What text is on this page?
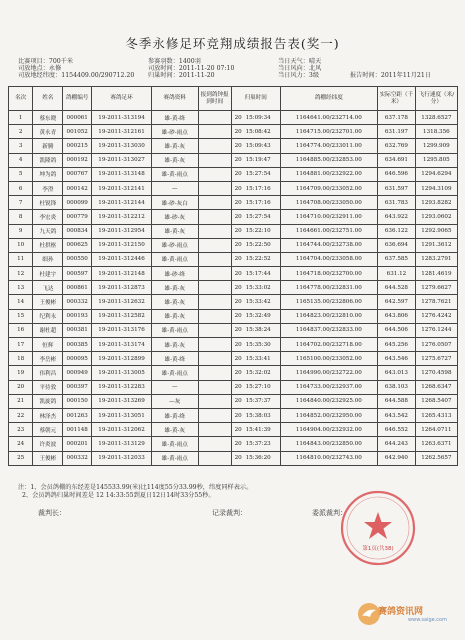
冬季永修足环竞翔成绩报告表(奖一)
比赛项目：700千米
司放地点：永修
司放地经纬度：1154409.00/290712.20
参赛羽数：1400羽
司放时间：2011-11-20 07:10
归巢时间：2011-11-20
当日天气：晴天
当日风向：北风
当日风力：3级	报告时间：2011年11月21日
名次	姓名	鸽棚编号	赛鸽足环	赛鸽资料	报到鸽钟报到时间	归巢时间		鸽棚经纬度	实际空距（千米）	飞行速度（米/分）
1	蔡东晓	000061	19-2011-313194	雄-黄-绛		20	15:09:34	1164641.00/232714.00	637.178	1328.6527
2	黄永青	001052	19-2011-312161	雄-砂-雨点		20	15:08:42	1164715.00/232701.00	631.197	1318.356
3	新腾	000215	19-2011-313030	雄-黄-灰		20	15:09:43	1164774.00/233011.00	632.769	1299.909
4	凯隆鸽	000192	19-2011-313027	雄-黄-灰		20	15:19:47	1164885.00/232853.00	634.691	1295.805
5	坤为鸽	000767	19-2011-313148	雄-黄-雨点		20	15:27:54	1164881.00/232922.00	646.596	1294.6294
6	李澄	000142	19-2011-312141	—		20	15:17:16	1164709.00/233052.00	631.597	1294.3109
7	杜锐锋	000099	19-2011-312144	雄-砂-灰白		20	15:17:16	1164708.00/233050.00	631.783	1293.8282
8	李宏炎	000779	19-2011-312212	雄-砂-灰		20	15:27:54	1164710.00/232911.00	643.922	1293.0602
9	九天鸽	000834	19-2011-312954	雄-黄-灰		20	15:22:10	1164661.00/232751.00	636.122	1292.9065
10	杜拱枢	000625	19-2011-312150	雄-砂-雨点		20	15:22:50	1164744.00/232738.00	636.694	1291.3612
11	细孙	000550	19-2011-312446	雄-黄-雨点		20	15:22:52	1164704.00/233058.00	637.585	1283.2791
12	杜建宇	000597	19-2011-312148	雄-砂-绛		20	15:17:44	1164718.00/232700.00	631.12	1281.4619
13	飞达	000861	19-2011-312873	雄-黄-灰		20	15:33:02	1164778.00/232831.00	644.528	1279.6627
14	王俊彬	000332	19-2011-312632	雄-黄-灰		20	15:33:42	1165135.00/232806.00	642.597	1278.7621
15	纪利永	000193	19-2011-312582	雄-黄-灰		20	15:32:49	1164823.00/232810.00	643.806	1276.4242
16	谢杜超	000381	19-2011-313176	雄-黄-雨点		20	15:38:24	1164837.00/232833.00	644.506	1276.1244
17	恒辉	000385	19-2011-313174	雄-黄-灰		20	15:35:30	1164702.00/232718.00	645.256	1276.0507
18	李岳彬	000095	19-2011-312899	雄-黄-绛		20	15:33:41	1165100.00/233052.00	643.546	1275.6727
19	伟利昌	000949	19-2011-313005	雄-黄-雨点		20	15:32:02	1164990.00/232722.00	643.013	1270.4598
20	平侍敦	000397	19-2011-312283	—		20	15:27:10	1164733.00/232937.00	638.103	1268.6347
21	凯旋鸽	000150	19-2011-313269	—灰		20	15:37:37	1164840.00/232925.00	644.588	1268.5407
22	林泽杰	001263	19-2011-313051	雄-黄-绛		20	15:38:03	1164852.00/232950.00	643.542	1265.4313
23	蔡朝元	001148	19-2011-312062	雄-黄-灰		20	15:41:39	1164904.00/232932.00	646.552	1264.0711
24	许炎波	000201	19-2011-313129	雄-黄-雨点		20	15:37:23	1164843.00/232850.00	644.243	1263.6371
25	王俊彬	000332	19-2011-312033	雄-黄-雨点		20	15:36:20	1164810.00/232743.00	642.940	1262.5657
注：1、会员鸽棚的东经差是145533.99(米)比114度55分33.99秒，纬度同样表示。
2、会员鸽鸽归巢时间差是 12 14:33:55到夏日12日14时33分55秒。
裁判长：	记录裁判：	委派裁判：
第1页(共38)
赛鸽资讯网
www.saige.com
